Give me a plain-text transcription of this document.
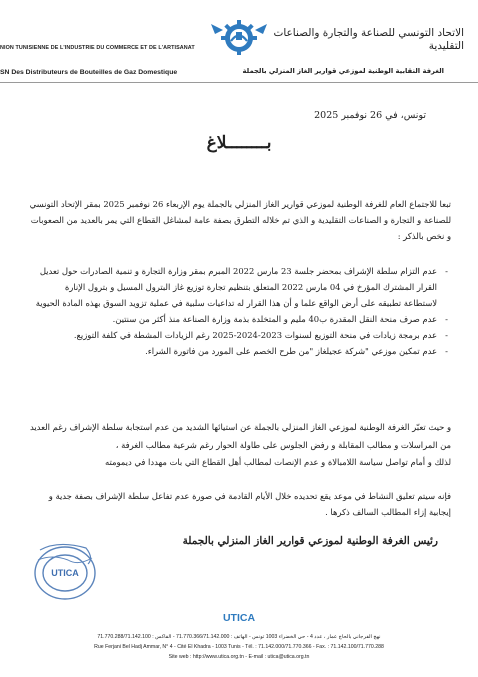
NION TUNISIENNE DE L'INDUSTRIE DU COMMERCE ET DE L'ARTISANAT
الاتحاد التونسي للصناعة والتجارة والصناعات التقليدية
SN Des Distributeurs de Bouteilles de Gaz Domestique	الغرفة النقابية الوطنية لموزعي قوارير الغاز المنزلي بالجملة
تونس، في 26 نوفمبر 2025
بــــــــلاغ
تبعا للاجتماع العام للغرفة الوطنية لموزعي قوارير الغاز المنزلي بالجملة يوم الإربعاء 26 نوفمبر 2025 بمقر الإتحاد التونسي للصناعة و التجارة و الصناعات التقليدية و الذي تم خلاله التطرق بصفة عامة لمشاغل القطاع التي يمر بالعديد من الصعوبات و نخص بالذكر :
- عدم التزام سلطة الإشراف بمحضر جلسة 23 مارس 2022 المبرم بمقر وزارة التجارة و تنمية الصادرات حول تعديل القرار المشترك المؤرخ في 04 مارس 2022 المتعلق بتنظيم تجارة توزيع غاز البترول المسيل و بترول الإنارة لاستطاعة تطبيقه على أرض الواقع علما و أن هذا القرار له تداعيات سلبية في عملية تزويد السوق بهذه المادة الحيوية
- عدم صرف منحة النقل المقدرة ب40 مليم و المتخلدة بذمة وزارة الصناعة منذ أكثر من سنتين.
- عدم برمجة زيادات في منحة التوزيع لسنوات 2023-2024-2025 رغم الزيادات المشطة في كلفة التوزيع.
- عدم تمكين موزعي "شركة عجيلغاز "من طرح الخصم على المورد من فاتورة الشراء.
و حيث تعبّر الغرفة الوطنية لموزعي الغاز المنزلي بالجملة عن استيائها الشديد من عدم استجابة سلطة الإشراف رغم العديد من المراسلات و مطالب المقابلة و رفض الجلوس على طاولة الحوار رغم شرعية مطالب الغرفة ،
لذلك و أمام تواصل سياسة اللامبالاة و عدم الإنصات لمطالب أهل القطاع التي بات مهددا في ديمومته
فإنه سيتم تعليق النشاط في موعد يقع تحديده خلال الأيام القادمة في صورة عدم تفاعل سلطة الإشراف بصفة جدية و إيجابية إزاء المطالب السالف ذكرها .
رئيس الغرفة الوطنية لموزعي قوارير الغاز المنزلي بالجملة
UTICA
UTICA
نهج الفرجاني بالحاج عمار ، عدد 4 - حي الخضراء 1003 تونس - الهاتف : 71.770.366/71.142.000 - الفاكس : 71.770.288/71.142.100
Rue Ferjani Bel Hadj Ammar, N° 4 - Cité El Khadra - 1003 Tunis - Tél. : 71.142.000/71.770.366 - Fax. : 71.142.100/71.770.288
Site web : http://www.utica.org.tn - E-mail : utica@utica.org.tn
